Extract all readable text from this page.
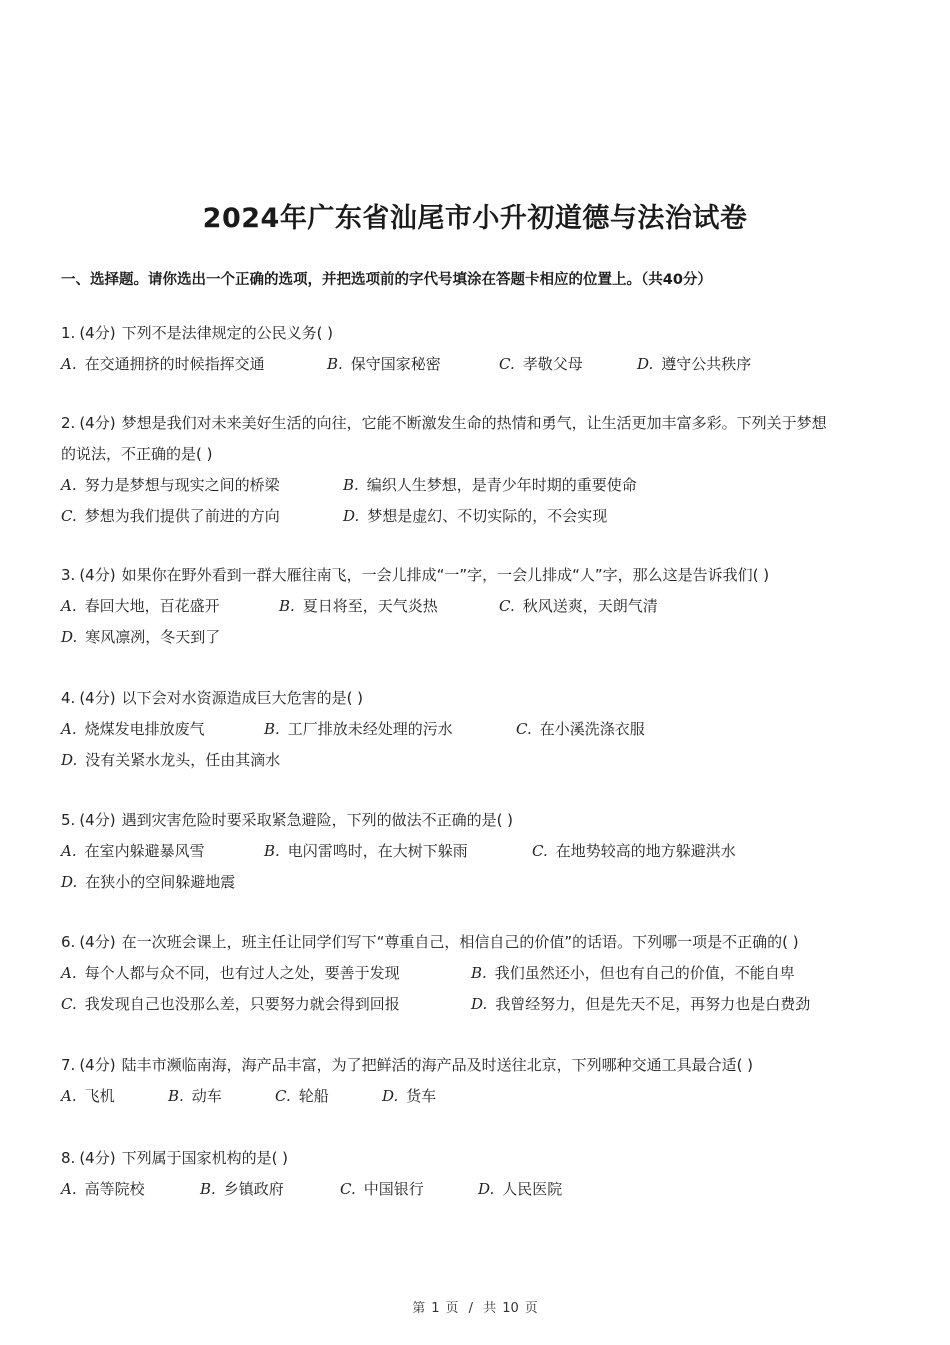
2024年广东省汕尾市小升初道德与法治试卷
一、选择题。请你选出一个正确的选项，并把选项前的字代号填涂在答题卡相应的位置上。（共40分）
1. (4分) 下列不是法律规定的公民义务( )
A. 在交通拥挤的时候指挥交通	B. 保守国家秘密	C. 孝敬父母	D. 遵守公共秩序
2. (4分) 梦想是我们对未来美好生活的向往，它能不断激发生命的热情和勇气，让生活更加丰富多彩。下列关于梦想
的说法，不正确的是( )
A. 努力是梦想与现实之间的桥梁	B. 编织人生梦想，是青少年时期的重要使命
C. 梦想为我们提供了前进的方向	D. 梦想是虚幻、不切实际的，不会实现
3. (4分) 如果你在野外看到一群大雁往南飞，一会儿排成“一”字，一会儿排成“人”字，那么这是告诉我们( )
A. 春回大地，百花盛开	B. 夏日将至，天气炎热	C. 秋风送爽，天朗气清
D. 寒风凛冽，冬天到了
4. (4分) 以下会对水资源造成巨大危害的是( )
A. 烧煤发电排放废气	B. 工厂排放未经处理的污水	C. 在小溪洗涤衣服
D. 没有关紧水龙头，任由其滴水
5. (4分) 遇到灾害危险时要采取紧急避险，下列的做法不正确的是( )
A. 在室内躲避暴风雪	B. 电闪雷鸣时，在大树下躲雨	C. 在地势较高的地方躲避洪水
D. 在狭小的空间躲避地震
6. (4分) 在一次班会课上，班主任让同学们写下“尊重自己，相信自己的价值”的话语。下列哪一项是不正确的( )
A. 每个人都与众不同，也有过人之处，要善于发现	B. 我们虽然还小，但也有自己的价值，不能自卑
C. 我发现自己也没那么差，只要努力就会得到回报	D. 我曾经努力，但是先天不足，再努力也是白费劲
7. (4分) 陆丰市濒临南海，海产品丰富，为了把鲜活的海产品及时送往北京，下列哪种交通工具最合适( )
A. 飞机	B. 动车	C. 轮船	D. 货车
8. (4分) 下列属于国家机构的是( )
A. 高等院校	B. 乡镇政府	C. 中国银行	D. 人民医院
第 1 页 / 共 10 页
